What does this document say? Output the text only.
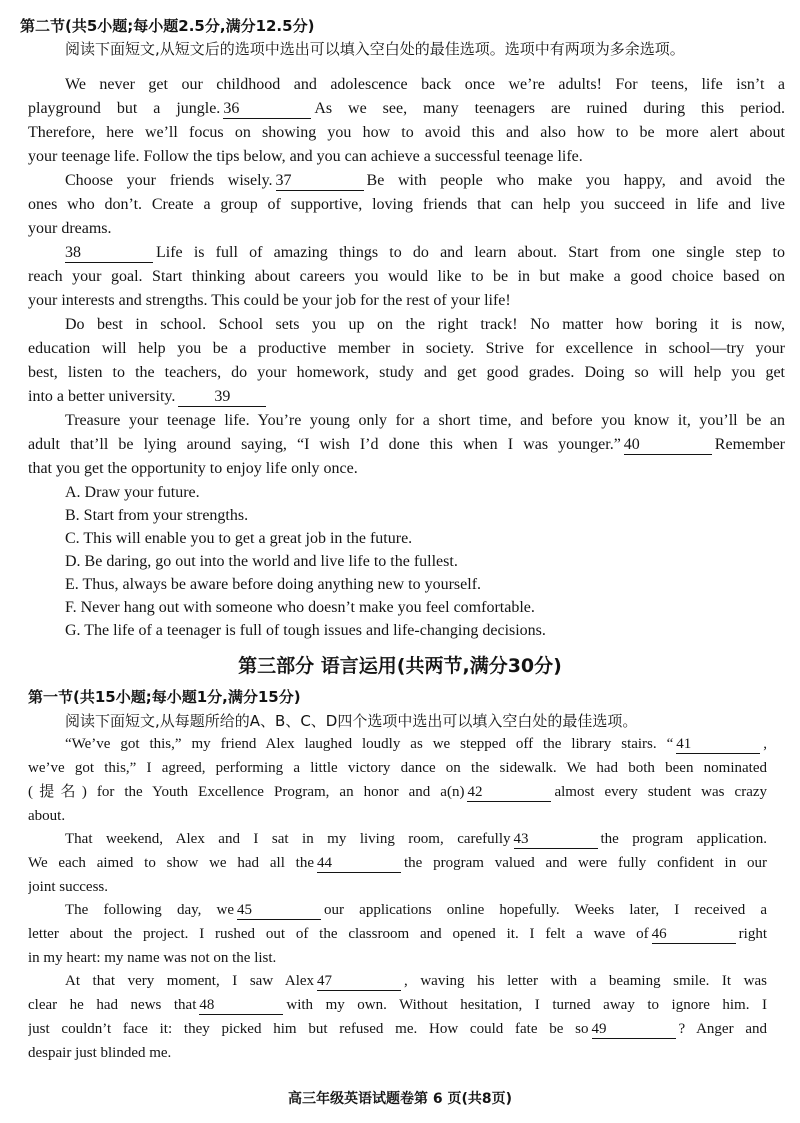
第二节(共5小题;每小题2.5分,满分12.5分)
阅读下面短文,从短文后的选项中选出可以填入空白处的最佳选项。选项中有两项为多余选项。
We never get our childhood and adolescence back once we’re adults! For teens, life isn’t a
playground but a jungle. 36	As we see, many teenagers are ruined during this period.
Therefore, here we’ll focus on showing you how to avoid this and also how to be more alert about
your teenage life. Follow the tips below, and you can achieve a successful teenage life.
Choose your friends wisely. 37	Be with people who make you happy, and avoid the
ones who don’t. Create a group of supportive, loving friends that can help you succeed in life and live
your dreams.
38	Life is full of amazing things to do and learn about. Start from one single step to
reach your goal. Start thinking about careers you would like to be in but make a good choice based on
your interests and strengths. This could be your job for the rest of your life!
Do best in school. School sets you up on the right track! No matter how boring it is now,
education will help you be a productive member in society. Strive for excellence in school—try your
best, listen to the teachers, do your homework, study and get good grades. Doing so will help you get
into a better university. 39
Treasure your teenage life. You’re young only for a short time, and before you know it, you’ll be an
adult that’ll be lying around saying, “I wish I’d done this when I was younger.” 40	Remember
that you get the opportunity to enjoy life only once.
A. Draw your future.
B. Start from your strengths.
C. This will enable you to get a great job in the future.
D. Be daring, go out into the world and live life to the fullest.
E. Thus, always be aware before doing anything new to yourself.
F. Never hang out with someone who doesn’t make you feel comfortable.
G. The life of a teenager is full of tough issues and life-changing decisions.
第三部分 语言运用(共两节,满分30分)
第一节(共15小题;每小题1分,满分15分)
阅读下面短文,从每题所给的A、B、C、D四个选项中选出可以填入空白处的最佳选项。
“We’ve got this,” my friend Alex laughed loudly as we stepped off the library stairs. “ 41	,
we’ve got this,” I agreed, performing a little victory dance on the sidewalk. We had both been nominated
(提名) for the Youth Excellence Program, an honor and a(n) 42	almost every student was crazy
about.
That weekend, Alex and I sat in my living room, carefully 43	the program application.
We each aimed to show we had all the 44	the program valued and were fully confident in our
joint success.
The following day, we 45	our applications online hopefully. Weeks later, I received a
letter about the project. I rushed out of the classroom and opened it. I felt a wave of 46	right
in my heart: my name was not on the list.
At that very moment, I saw Alex 47	, waving his letter with a beaming smile. It was
clear he had news that 48	with my own. Without hesitation, I turned away to ignore him. I
just couldn’t face it: they picked him but refused me. How could fate be so 49	? Anger and
despair just blinded me.
高三年级英语试题卷第 6 页(共8页)
